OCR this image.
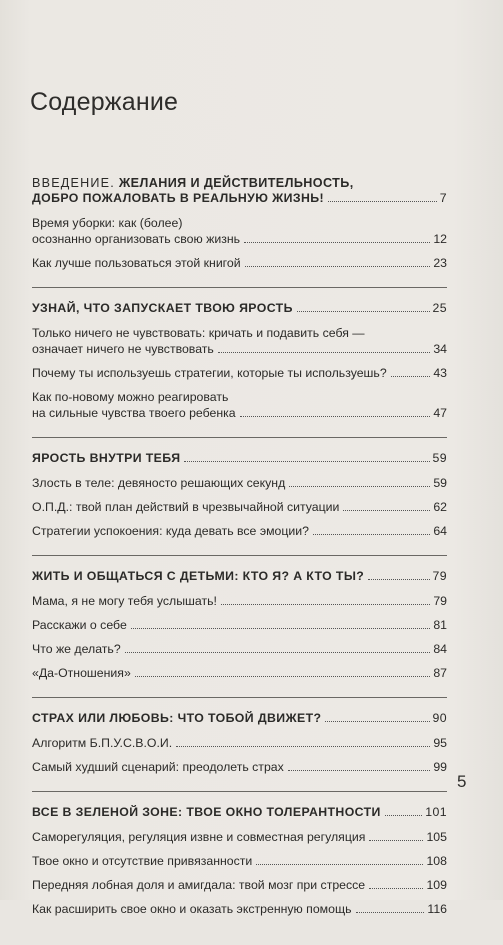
Содержание
ВВЕДЕНИЕ. ЖЕЛАНИЯ И ДЕЙСТВИТЕЛЬНОСТЬ,
ДОБРО ПОЖАЛОВАТЬ В РЕАЛЬНУЮ ЖИЗНЬ!	7
Время уборки: как (более)
осознанно организовать свою жизнь	12
Как лучше пользоваться этой книгой	23
УЗНАЙ, ЧТО ЗАПУСКАЕТ ТВОЮ ЯРОСТЬ	25
Только ничего не чувствовать: кричать и подавить себя —
означает ничего не чувствовать	34
Почему ты используешь стратегии, которые ты используешь?	43
Как по-новому можно реагировать
на сильные чувства твоего ребенка	47
ЯРОСТЬ ВНУТРИ ТЕБЯ	59
Злость в теле: девяносто решающих секунд	59
О.П.Д.: твой план действий в чрезвычайной ситуации	62
Стратегии успокоения: куда девать все эмоции?	64
ЖИТЬ И ОБЩАТЬСЯ С ДЕТЬМИ: КТО Я? А КТО ТЫ?	79
Мама, я не могу тебя услышать!	79
Расскажи о себе	81
Что же делать?	84
«Да-Отношения»	87
СТРАХ ИЛИ ЛЮБОВЬ: ЧТО ТОБОЙ ДВИЖЕТ?	90
Алгоритм Б.П.У.С.В.О.И.	95
Самый худший сценарий: преодолеть страх	99
ВСЕ В ЗЕЛЕНОЙ ЗОНЕ: ТВОЕ ОКНО ТОЛЕРАНТНОСТИ	101
Саморегуляция, регуляция извне и совместная регуляция	105
Твое окно и отсутствие привязанности	108
Передняя лобная доля и амигдала: твой мозг при стрессе	109
Как расширить свое окно и оказать экстренную помощь	116
5
